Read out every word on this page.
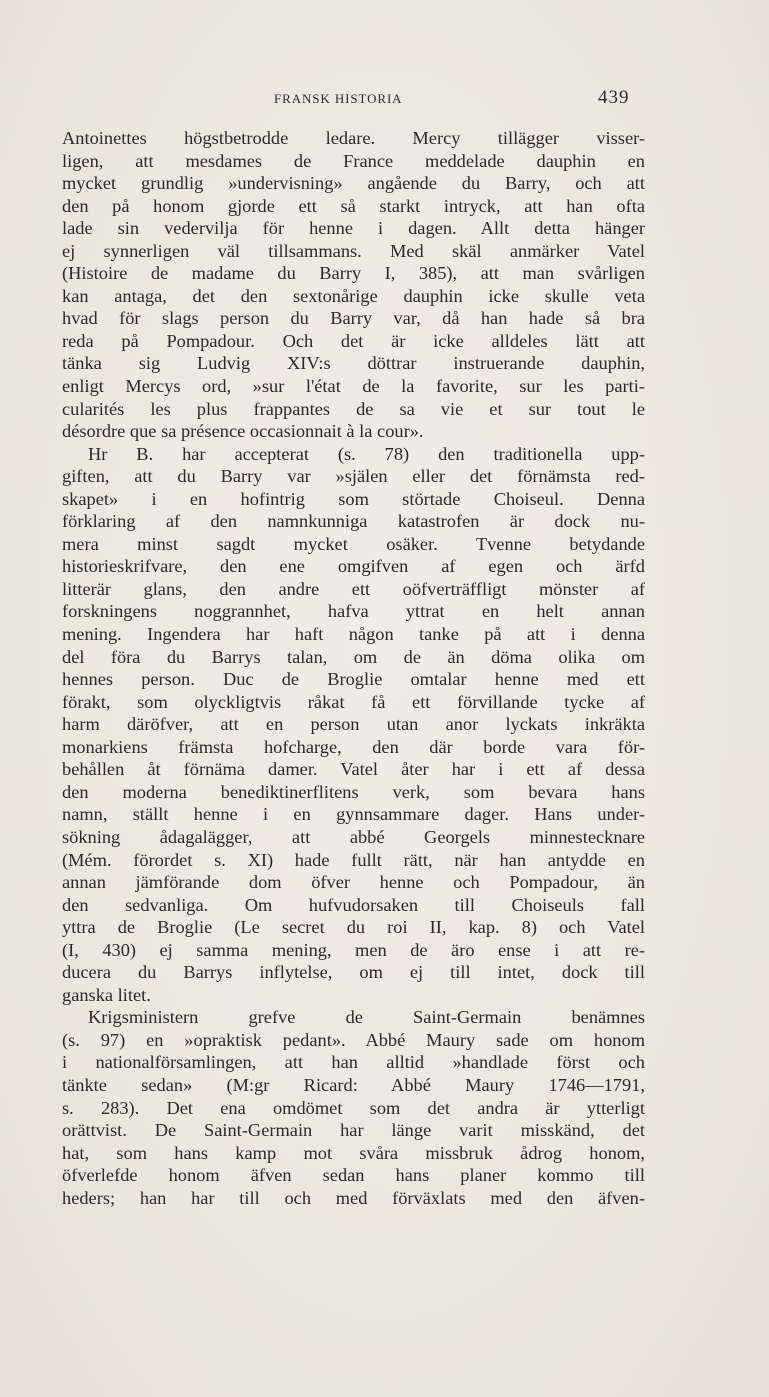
FRANSK HISTORIA	439
Antoinettes högstbetrodde ledare. Mercy tillägger visser-
ligen, att mesdames de France meddelade dauphin en
mycket grundlig »undervisning» angående du Barry, och att
den på honom gjorde ett så starkt intryck, att han ofta
lade sin vedervilja för henne i dagen. Allt detta hänger
ej synnerligen väl tillsammans. Med skäl anmärker Vatel
(Histoire de madame du Barry I, 385), att man svårligen
kan antaga, det den sextonårige dauphin icke skulle veta
hvad för slags person du Barry var, då han hade så bra
reda på Pompadour. Och det är icke alldeles lätt att
tänka sig Ludvig XIV:s döttrar instruerande dauphin,
enligt Mercys ord, »sur l'état de la favorite, sur les parti-
cularités les plus frappantes de sa vie et sur tout le
désordre que sa présence occasionnait à la cour».
Hr B. har accepterat (s. 78) den traditionella upp-
giften, att du Barry var »själen eller det förnämsta red-
skapet» i en hofintrig som störtade Choiseul. Denna
förklaring af den namnkunniga katastrofen är dock nu-
mera minst sagdt mycket osäker. Tvenne betydande
historieskrifvare, den ene omgifven af egen och ärfd
litterär glans, den andre ett oöfverträffligt mönster af
forskningens noggrannhet, hafva yttrat en helt annan
mening. Ingendera har haft någon tanke på att i denna
del föra du Barrys talan, om de än döma olika om
hennes person. Duc de Broglie omtalar henne med ett
förakt, som olyckligtvis råkat få ett förvillande tycke af
harm däröfver, att en person utan anor lyckats inkräkta
monarkiens främsta hofcharge, den där borde vara för-
behållen åt förnäma damer. Vatel åter har i ett af dessa
den moderna benediktinerflitens verk, som bevara hans
namn, ställt henne i en gynnsammare dager. Hans under-
sökning ådagalägger, att abbé Georgels minnestecknare
(Mém. förordet s. XI) hade fullt rätt, när han antydde en
annan jämförande dom öfver henne och Pompadour, än
den sedvanliga. Om hufvudorsaken till Choiseuls fall
yttra de Broglie (Le secret du roi II, kap. 8) och Vatel
(I, 430) ej samma mening, men de äro ense i att re-
ducera du Barrys inflytelse, om ej till intet, dock till
ganska litet.
Krigsministern grefve de Saint-Germain benämnes
(s. 97) en »opraktisk pedant». Abbé Maury sade om honom
i nationalförsamlingen, att han alltid »handlade först och
tänkte sedan» (M:gr Ricard: Abbé Maury 1746—1791,
s. 283). Det ena omdömet som det andra är ytterligt
orättvist. De Saint-Germain har länge varit misskänd, det
hat, som hans kamp mot svåra missbruk ådrog honom,
öfverlefde honom äfven sedan hans planer kommo till
heders; han har till och med förväxlats med den äfven-
